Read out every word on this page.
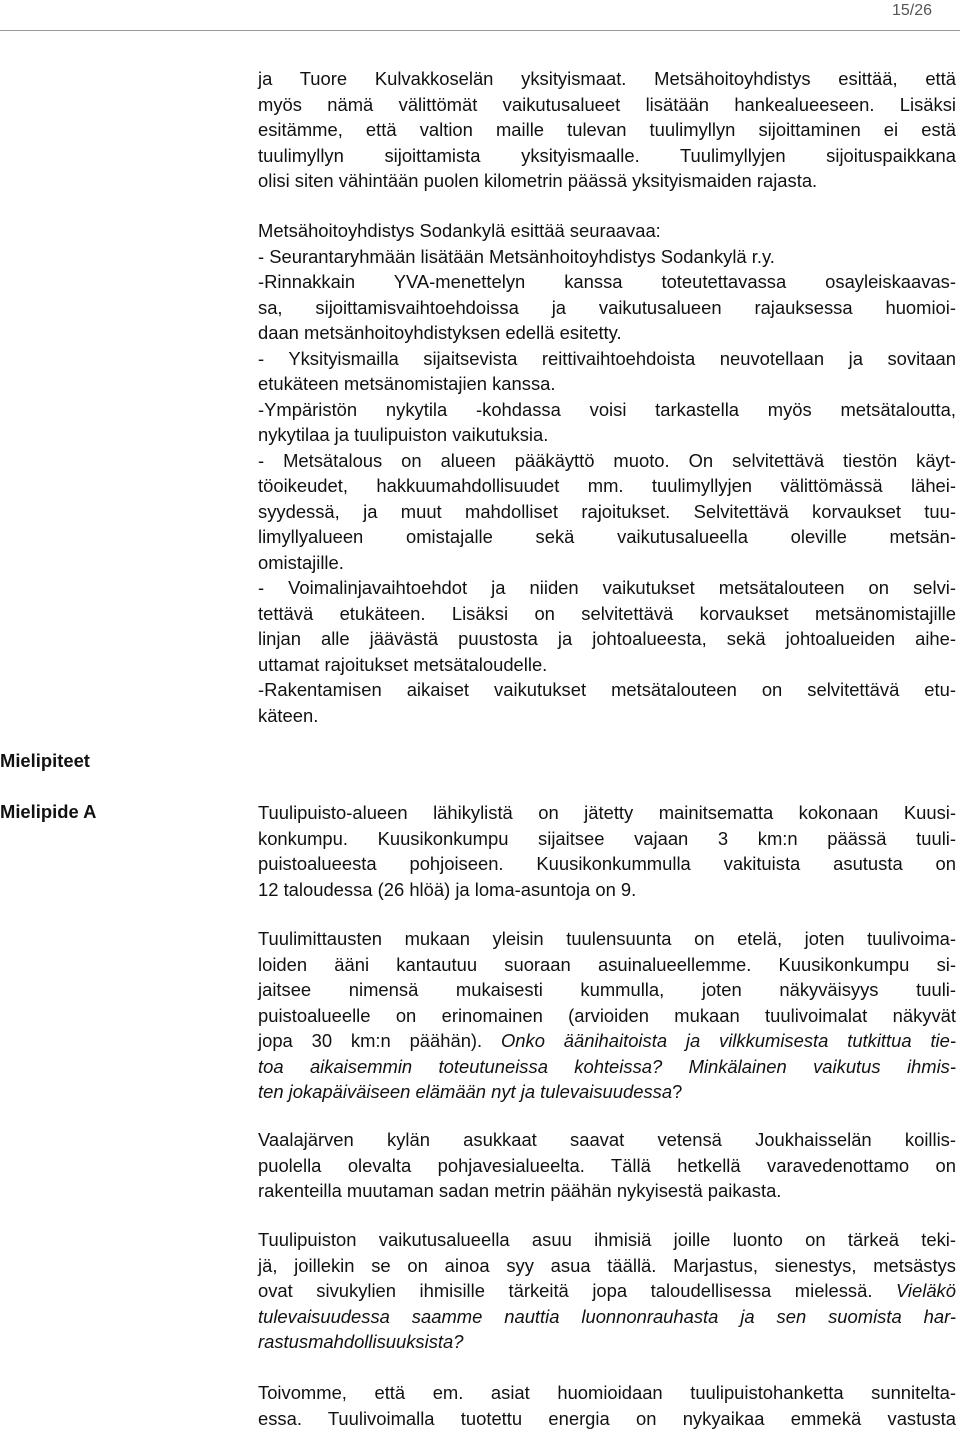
15/26
Mielipiteet
Mielipide A
ja Tuore Kulvakkoselän yksityismaat. Metsähoitoyhdistys esittää, että
myös nämä välittömät vaikutusalueet lisätään hankealueeseen. Lisäksi
esitämme, että valtion maille tulevan tuulimyllyn sijoittaminen ei estä
tuulimyllyn sijoittamista yksityismaalle. Tuulimyllyjen sijoituspaikkana
olisi siten vähintään puolen kilometrin päässä yksityismaiden rajasta.
Metsähoitoyhdistys Sodankylä esittää seuraavaa:
- Seurantaryhmään lisätään Metsänhoitoyhdistys Sodankylä r.y.
-Rinnakkain YVA-menettelyn kanssa toteutettavassa osayleiskaavas-
sa, sijoittamisvaihtoehdoissa ja vaikutusalueen rajauksessa huomioi-
daan metsänhoitoyhdistyksen edellä esitetty.
- Yksityismailla sijaitsevista reittivaihtoehdoista neuvotellaan ja sovitaan
etukäteen metsänomistajien kanssa.
-Ympäristön nykytila -kohdassa voisi tarkastella myös metsätaloutta,
nykytilaa ja tuulipuiston vaikutuksia.
- Metsätalous on alueen pääkäyttö muoto. On selvitettävä tiestön käyt-
töoikeudet, hakkuumahdollisuudet mm. tuulimyllyjen välittömässä lähei-
syydessä, ja muut mahdolliset rajoitukset. Selvitettävä korvaukset tuu-
limyllyalueen omistajalle sekä vaikutusalueella oleville metsän-
omistajille.
- Voimalinjavaihtoehdot ja niiden vaikutukset metsätalouteen on selvi-
tettävä etukäteen. Lisäksi on selvitettävä korvaukset metsänomistajille
linjan alle jäävästä puustosta ja johtoalueesta, sekä johtoalueiden aihe-
uttamat rajoitukset metsätaloudelle.
-Rakentamisen aikaiset vaikutukset metsätalouteen on selvitettävä etu-
käteen.
Tuulipuisto-alueen lähikylistä on jätetty mainitsematta kokonaan Kuusi-
konkumpu. Kuusikonkumpu sijaitsee vajaan 3 km:n päässä tuuli-
puistoalueesta pohjoiseen. Kuusikonkummulla vakituista asutusta on
12 taloudessa (26 hlöä) ja loma-asuntoja on 9.
Tuulimittausten mukaan yleisin tuulensuunta on etelä, joten tuulivoima-
loiden ääni kantautuu suoraan asuinalueellemme. Kuusikonkumpu si-
jaitsee nimensä mukaisesti kummulla, joten näkyväisyys tuuli-
puistoalueelle on erinomainen (arvioiden mukaan tuulivoimalat näkyvät
jopa 30 km:n päähän). Onko äänihaitoista ja vilkkumisesta tutkittua tie-
toa aikaisemmin toteutuneissa kohteissa? Minkälainen vaikutus ihmis-
ten jokapäiväiseen elämään nyt ja tulevaisuudessa?
Vaalajärven kylän asukkaat saavat vetensä Joukhaisselän koillis-
puolella olevalta pohjavesialueelta. Tällä hetkellä varavedenottamo on
rakenteilla muutaman sadan metrin päähän nykyisestä paikasta.
Tuulipuiston vaikutusalueella asuu ihmisiä joille luonto on tärkeä teki-
jä, joillekin se on ainoa syy asua täällä. Marjastus, sienestys, metsästys
ovat sivukylien ihmisille tärkeitä jopa taloudellisessa mielessä. Vieläkö
tulevaisuudessa saamme nauttia luonnonrauhasta ja sen suomista har-
rastusmahdollisuuksista?
Toivomme, että em. asiat huomioidaan tuulipuistohanketta sunnitelta-
essa. Tuulivoimalla tuotettu energia on nykyaikaa emmekä vastusta
